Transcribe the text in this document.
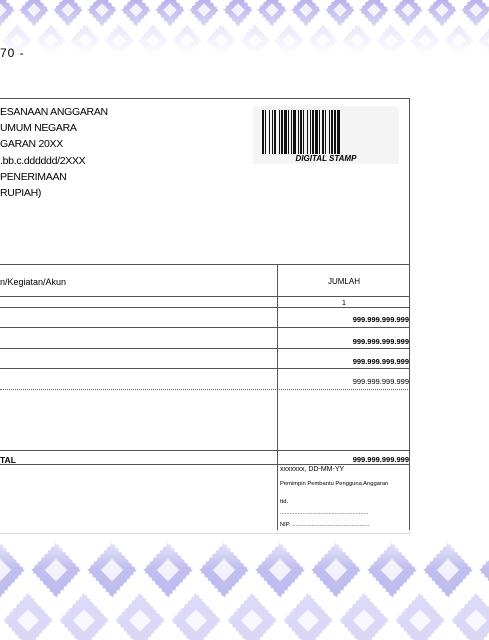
70 -
ESANAAN ANGGARAN
UMUM NEGARA
GARAN 20XX
.bb.c.dddddd/2XXX
PENERIMAAN
RUPIAH)
DIGITAL STAMP
n/Kegiatan/Akun	JUMLAH
1
999.999.999.999
999.999.999.999
999.999.999.999
999.999.999.999
TAL	999.999.999.999
xxxxxxx, DD-MM-YY
Pemimpin Pembantu Pengguna Anggaran
ttd.
.......................................................
NIP. ................................................
